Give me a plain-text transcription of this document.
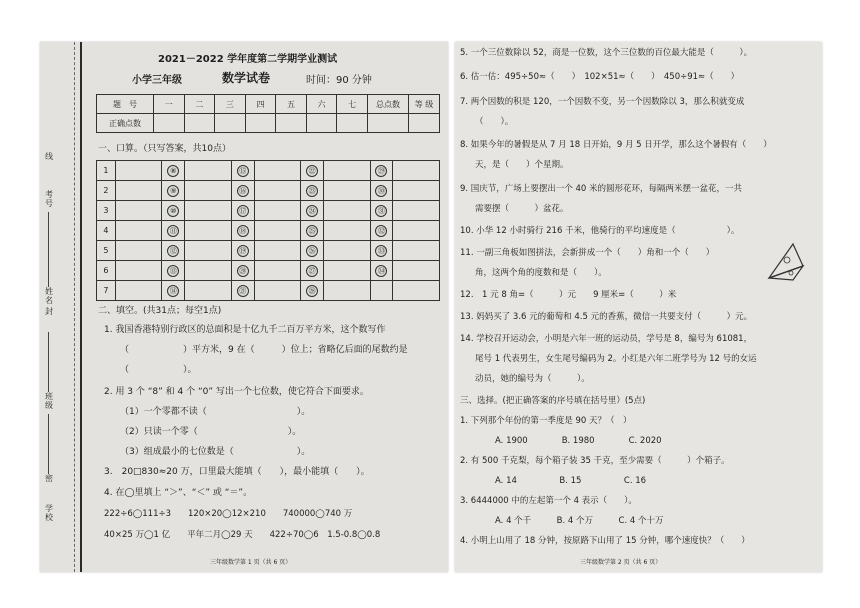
线
考号
姓名
封
班级
密
学校
2021－2022 学年度第二学期学业测试
小学三年级	数学试卷	时间：90 分钟
题　号	一	二	三	四	五	六	七	总点数	等 级
正确点数									
一、口算。（只写答案，共10点）
1		⑧		⑮		㉒		㉙	
2		⑨		⑯		㉓		㉚	
3		⑩		⑰		㉔		㉛	
4		⑪		⑱		㉕		㉜	
5		⑫		⑲		㉖		㉝	
6		⑬		⑳		㉗		㉞	
7		⑭		㉑		㉘			
二、填空。(共31点；每空1点)
1. 我国香港特别行政区的总面积是十亿九千二百万平方米，这个数写作
（　　　　　　）平方米，9 在（　　　）位上；省略亿后面的尾数约是
（　　　　　　）。
2. 用 3 个 “8” 和 4 个 “0” 写出一个七位数，使它符合下面要求。
（1）一个零都不读（　　　　　　　　　　）。
（2）只读一个零（　　　　　　　　　　）。
（3）组成最小的七位数是（　　　　　　　）。
3.　20□830≈20 万，口里最大能填（　　），最小能填（　　）。
4. 在◯里填上 “＞”、“＜” 或 “＝”。
222÷6◯111÷3　　120×20◯12×210　　740000◯740 万
40×25 万◯1 亿　　平年二月◯29 天　　422÷70◯6　1.5-0.8◯0.8
三年级数学第 1 页（共 6 页）
5. 一个三位数除以 52，商是一位数，这个三位数的百位最大能是（　　　）。
6. 估一估：495÷50≈（　　）　102×51≈（　　）　450÷91≈（　　）
7. 两个因数的积是 120，一个因数不变，另一个因数除以 3，那么积就变成
（　　）。
8. 如果今年的暑假是从 7 月 18 日开始，9 月 5 日开学，那么这个暑假有（　　）
天，是（　　）个星期。
9. 国庆节，广场上要摆出一个 40 米的圆形花环，每隔两米摆一盆花，一共
需要摆（　　　）盆花。
10. 小华 12 小时骑行 216 千米，他骑行的平均速度是（　　　　　　）。
11. 一副三角板如图拼法，会新拼成一个（　　）角和一个（　　）
角，这两个角的度数和是（　　）。
12.　1 元 8 角=（　　　）元　　9 厘米=（　　　）米
13. 妈妈买了 3.6 元的葡萄和 4.5 元的香蕉，微信一共要支付（　　　）元。
14. 学校召开运动会，小明是六年一班的运动员，学号是 8，编号为 61081，
尾号 1 代表男生，女生尾号编码为 2。小红是六年二班学号为 12 号的女运
动员，她的编号为（　　　）。
三、选择。(把正确答案的序号填在括号里）(5点)
1. 下列那个年份的第一季度是 90 天？（　）
A. 1900　　　　B. 1980　　　　C. 2020
2. 有 500 千克梨，每个箱子装 35 千克，至少需要（　　　）个箱子。
A. 14　　　　　B. 15　　　　　C. 16
3. 6444000 中的左起第一个 4 表示（　　）。
A. 4 个千　　　B. 4 个万　　　C. 4 个十万
4. 小明上山用了 18 分钟，按原路下山用了 15 分钟，哪个速度快？（　　）
三年级数学第 2 页（共 6 页）
